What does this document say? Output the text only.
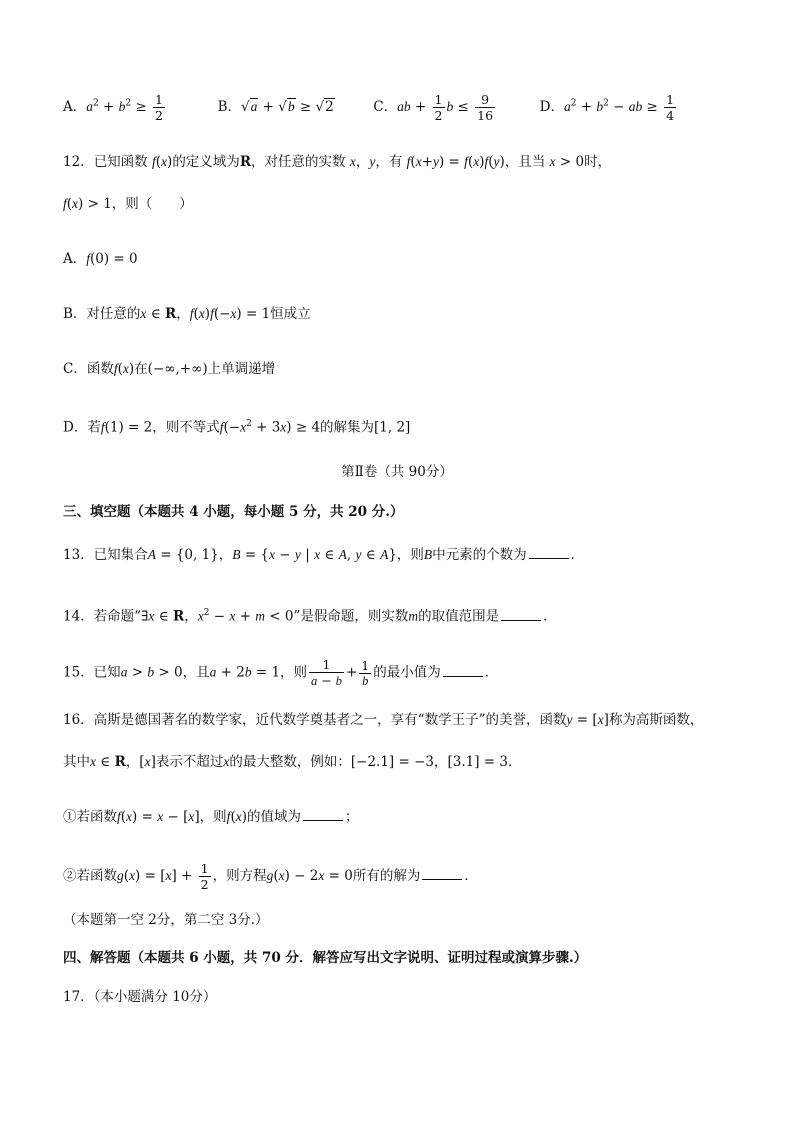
A．$a^2 + b^2 \ge \frac{1}{2}$	B．√a + √b ≥ √2	C．ab + $\frac{1}{2}$ $b \le \frac{9}{16}$	D．$a^2 + b^2$ − ab ≥ $\frac{1}{4}$
12．已知函数 f(x)的定义域为R，对任意的实数 x，y，有 f(x+y) = f(x)f(y)，且当 x > 0时，
f(x) > 1，则（　　）
A．f(0) = 0
B．对任意的x ∈ R，f(x)f(−x) = 1恒成立
C．函数f(x)在(−∞,+∞)上单调递增
D．若f(1) = 2，则不等式$f(-x^2 + 3x) \ge 4$的解集为[1, 2]
第Ⅱ卷（共 90分）
三、填空题（本题共 4 小题，每小题 5 分，共 20 分.）
13．已知集合A = {0, 1}，B = {x − y | x ∈ A, y ∈ A}，则B中元素的个数为	．
14．若命题“∃x ∈ R，$x^2 - x + m < 0$”是假命题，则实数m的取值范围是	．
15．已知a > b > 0，且a + 2b = 1，则 $\frac{1}{a - b} + \frac{1}{b}$ 的最小值为	．
16．高斯是德国著名的数学家，近代数学奠基者之一，享有“数学王子”的美誉，函数y = [x]称为高斯函数，
其中x ∈ R，[x]表示不超过x的最大整数，例如：[−2.1] = −3，[3.1] = 3．
①若函数f(x) = x − [x]，则f(x)的值域为	；
②若函数$g(x) = [x] + \frac{1}{2}$ ，则方程g(x) − 2x = 0所有的解为	．
（本题第一空 2分，第二空 3分.）
四、解答题（本题共 6 小题，共 70 分．解答应写出文字说明、证明过程或演算步骤.）
17．（本小题满分 10分）
